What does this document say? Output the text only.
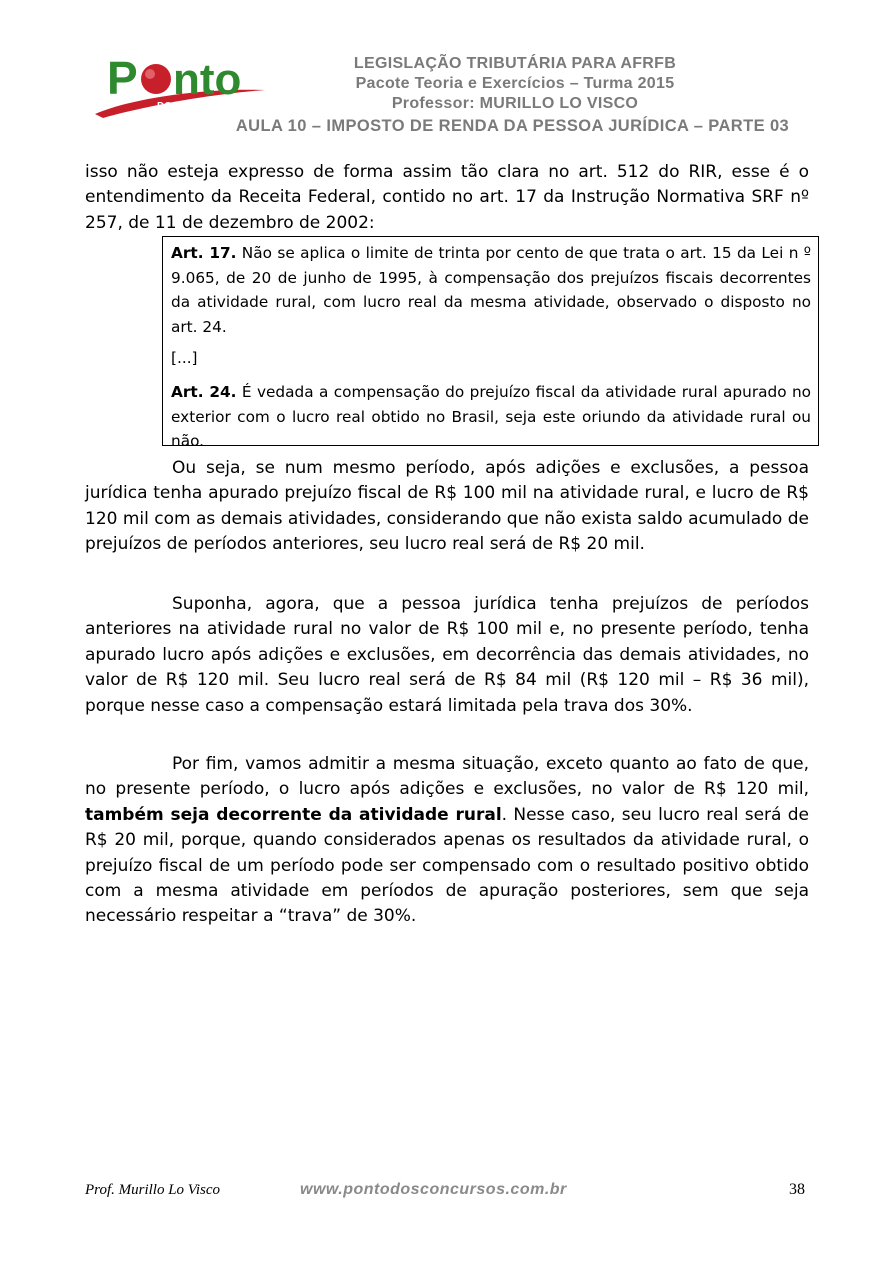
P nto
DOS CONCURSOS
LEGISLAÇÃO TRIBUTÁRIA PARA AFRFB
Pacote Teoria e Exercícios – Turma 2015
Professor: MURILLO LO VISCO
AULA 10 – IMPOSTO DE RENDA DA PESSOA JURÍDICA – PARTE 03
isso não esteja expresso de forma assim tão clara no art. 512 do RIR, esse é o entendimento da Receita Federal, contido no art. 17 da Instrução Normativa SRF nº 257, de 11 de dezembro de 2002:

Art. 17. Não se aplica o limite de trinta por cento de que trata o art. 15 da Lei n º 9.065, de 20 de junho de 1995, à compensação dos prejuízos fiscais decorrentes da atividade rural, com lucro real da mesma atividade, observado o disposto no art. 24.

[...]

Art. 24. É vedada a compensação do prejuízo fiscal da atividade rural apurado no exterior com o lucro real obtido no Brasil, seja este oriundo da atividade rural ou não.

Ou seja, se num mesmo período, após adições e exclusões, a pessoa jurídica tenha apurado prejuízo fiscal de R$ 100 mil na atividade rural, e lucro de R$ 120 mil com as demais atividades, considerando que não exista saldo acumulado de prejuízos de períodos anteriores, seu lucro real será de R$ 20 mil.
Suponha, agora, que a pessoa jurídica tenha prejuízos de períodos anteriores na atividade rural no valor de R$ 100 mil e, no presente período, tenha apurado lucro após adições e exclusões, em decorrência das demais atividades, no valor de R$ 120 mil. Seu lucro real será de R$ 84 mil (R$ 120 mil – R$ 36 mil), porque nesse caso a compensação estará limitada pela trava dos 30%.
Por fim, vamos admitir a mesma situação, exceto quanto ao fato de que, no presente período, o lucro após adições e exclusões, no valor de R$ 120 mil, também seja decorrente da atividade rural. Nesse caso, seu lucro real será de R$ 20 mil, porque, quando considerados apenas os resultados da atividade rural, o prejuízo fiscal de um período pode ser compensado com o resultado positivo obtido com a mesma atividade em períodos de apuração posteriores, sem que seja necessário respeitar a “trava” de 30%.
Prof. Murillo Lo Visco	www.pontodosconcursos.com.br	38
